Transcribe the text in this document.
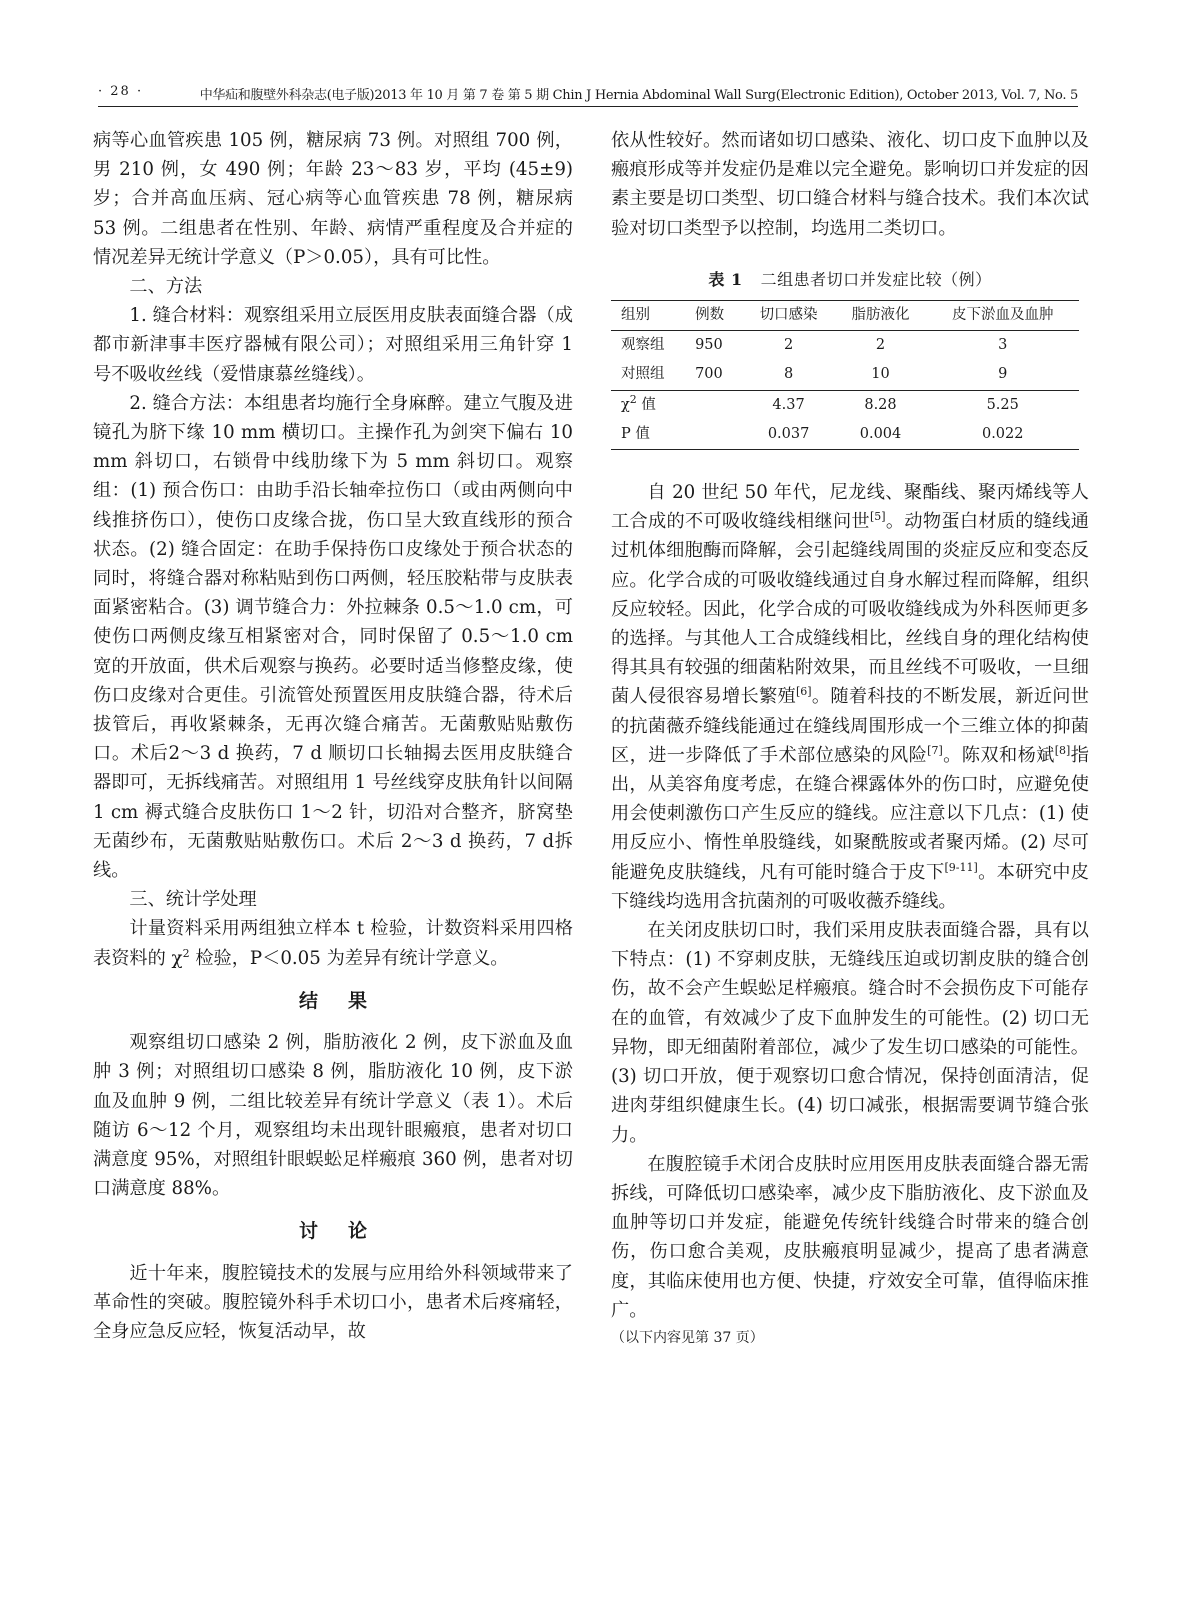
· 28 ·	中华疝和腹壁外科杂志(电子版)2013 年 10 月 第 7 卷 第 5 期 Chin J Hernia Abdominal Wall Surg(Electronic Edition), October 2013, Vol. 7, No. 5

病等心血管疾患 105 例，糖尿病 73 例。对照组 700 例，男 210 例，女 490 例；年龄 23～83 岁，平均 (45±9) 岁；合并高血压病、冠心病等心血管疾患 78 例，糖尿病 53 例。二组患者在性别、年龄、病情严重程度及合并症的情况差异无统计学意义（P＞0.05），具有可比性。

二、方法

1. 缝合材料：观察组采用立辰医用皮肤表面缝合器（成都市新津事丰医疗器械有限公司）；对照组采用三角针穿 1 号不吸收丝线（爱惜康慕丝缝线）。

2. 缝合方法：本组患者均施行全身麻醉。建立气腹及进镜孔为脐下缘 10 mm 横切口。主操作孔为剑突下偏右 10 mm 斜切口，右锁骨中线肋缘下为 5 mm 斜切口。观察组：(1) 预合伤口：由助手沿长轴牵拉伤口（或由两侧向中线推挤伤口），使伤口皮缘合拢，伤口呈大致直线形的预合状态。(2) 缝合固定：在助手保持伤口皮缘处于预合状态的同时，将缝合器对称粘贴到伤口两侧，轻压胶粘带与皮肤表面紧密粘合。(3) 调节缝合力：外拉棘条 0.5～1.0 cm，可使伤口两侧皮缘互相紧密对合，同时保留了 0.5～1.0 cm 宽的开放面，供术后观察与换药。必要时适当修整皮缘，使伤口皮缘对合更佳。引流管处预置医用皮肤缝合器，待术后拔管后，再收紧棘条，无再次缝合痛苦。无菌敷贴贴敷伤口。术后2～3 d 换药，7 d 顺切口长轴揭去医用皮肤缝合器即可，无拆线痛苦。对照组用 1 号丝线穿皮肤角针以间隔 1 cm 褥式缝合皮肤伤口 1～2 针，切沿对合整齐，脐窝垫无菌纱布，无菌敷贴贴敷伤口。术后 2～3 d 换药，7 d拆线。

三、统计学处理

计量资料采用两组独立样本 t 检验，计数资料采用四格表资料的 $\chi^2$ 检验，P＜0.05 为差异有统计学意义。

结果

观察组切口感染 2 例，脂肪液化 2 例，皮下淤血及血肿 3 例；对照组切口感染 8 例，脂肪液化 10 例，皮下淤血及血肿 9 例，二组比较差异有统计学意义（表 1）。术后随访 6～12 个月，观察组均未出现针眼瘢痕，患者对切口满意度 95%，对照组针眼蜈蚣足样瘢痕 360 例，患者对切口满意度 88%。

讨论

近十年来，腹腔镜技术的发展与应用给外科领域带来了革命性的突破。腹腔镜外科手术切口小，患者术后疼痛轻，全身应急反应轻，恢复活动早，故

依从性较好。然而诸如切口感染、液化、切口皮下血肿以及瘢痕形成等并发症仍是难以完全避免。影响切口并发症的因素主要是切口类型、切口缝合材料与缝合技术。我们本次试验对切口类型予以控制，均选用二类切口。

表 1 二组患者切口并发症比较（例）
组别	例数	切口感染	脂肪液化	皮下淤血及血肿
观察组	950	2	2	3
对照组	700	8	10	9
$\chi^2$ 值		4.37	8.28	5.25
P 值		0.037	0.004	0.022

自 20 世纪 50 年代，尼龙线、聚酯线、聚丙烯线等人工合成的不可吸收缝线相继问世[5]。动物蛋白材质的缝线通过机体细胞酶而降解，会引起缝线周围的炎症反应和变态反应。化学合成的可吸收缝线通过自身水解过程而降解，组织反应较轻。因此，化学合成的可吸收缝线成为外科医师更多的选择。与其他人工合成缝线相比，丝线自身的理化结构使得其具有较强的细菌粘附效果，而且丝线不可吸收，一旦细菌人侵很容易增长繁殖[6]。随着科技的不断发展，新近问世的抗菌薇乔缝线能通过在缝线周围形成一个三维立体的抑菌区，进一步降低了手术部位感染的风险[7]。陈双和杨斌[8]指出，从美容角度考虑，在缝合裸露体外的伤口时，应避免使用会使刺激伤口产生反应的缝线。应注意以下几点：(1) 使用反应小、惰性单股缝线，如聚酰胺或者聚丙烯。(2) 尽可能避免皮肤缝线，凡有可能时缝合于皮下[9-11]。本研究中皮下缝线均选用含抗菌剂的可吸收薇乔缝线。

在关闭皮肤切口时，我们采用皮肤表面缝合器，具有以下特点：(1) 不穿刺皮肤，无缝线压迫或切割皮肤的缝合创伤，故不会产生蜈蚣足样瘢痕。缝合时不会损伤皮下可能存在的血管，有效减少了皮下血肿发生的可能性。(2) 切口无异物，即无细菌附着部位，减少了发生切口感染的可能性。(3) 切口开放，便于观察切口愈合情况，保持创面清洁，促进肉芽组织健康生长。(4) 切口减张，根据需要调节缝合张力。

在腹腔镜手术闭合皮肤时应用医用皮肤表面缝合器无需拆线，可降低切口感染率，减少皮下脂肪液化、皮下淤血及血肿等切口并发症，能避免传统针线缝合时带来的缝合创伤，伤口愈合美观，皮肤瘢痕明显减少，提高了患者满意度，其临床使用也方便、快捷，疗效安全可靠，值得临床推广。

（以下内容见第 37 页）
